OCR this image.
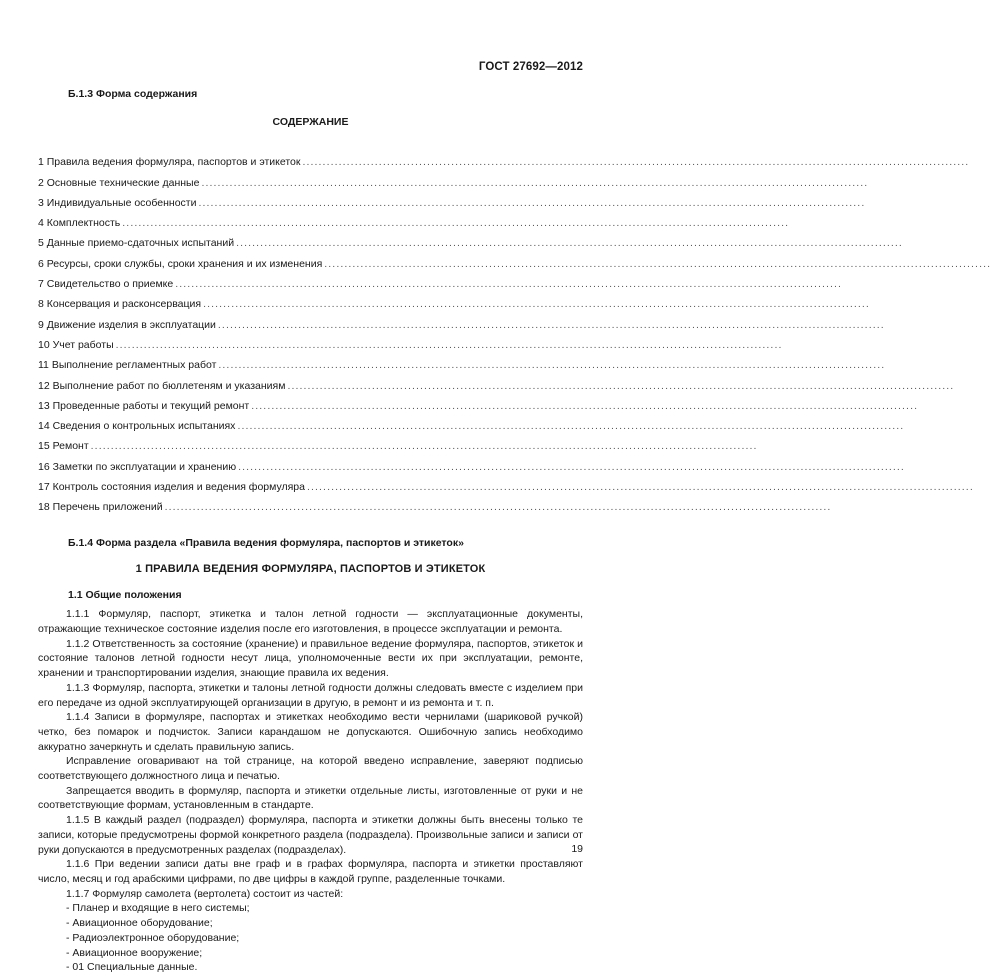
ГОСТ 27692—2012
Б.1.3 Форма содержания
СОДЕРЖАНИЕ
1 Правила ведения формуляра, паспортов и этикеток
.....
2 Основные технические данные
.....
3 Индивидуальные особенности
.....
4 Комплектность
.....
5 Данные приемо-сдаточных испытаний
.....
6 Ресурсы, сроки службы, сроки хранения и их изменения
.....
7 Свидетельство о приемке
.....
8 Консервация и расконсервация
.....
9 Движение изделия в эксплуатации
.....
10 Учет работы
.....
11 Выполнение регламентных работ
.....
12 Выполнение работ по бюллетеням и указаниям
.....
13 Проведенные работы и текущий ремонт
.....
14 Сведения о контрольных испытаниях
.....
15 Ремонт
.....
16 Заметки по эксплуатации и хранению
.....
17 Контроль состояния изделия и ведения формуляра
.....
18 Перечень приложений
.....
Б.1.4 Форма раздела «Правила ведения формуляра, паспортов и этикеток»
1 ПРАВИЛА ВЕДЕНИЯ ФОРМУЛЯРА, ПАСПОРТОВ И ЭТИКЕТОК
1.1 Общие положения

1.1.1 Формуляр, паспорт, этикетка и талон летной годности — эксплуатационные документы, отражающие техническое состояние изделия после его изготовления, в процессе эксплуатации и ремонта.

1.1.2 Ответственность за состояние (хранение) и правильное ведение формуляра, паспортов, этикеток и состояние талонов летной годности несут лица, уполномоченные вести их при эксплуатации, ремонте, хранении и транспортировании изделия, знающие правила их ведения.

1.1.3 Формуляр, паспорта, этикетки и талоны летной годности должны следовать вместе с изделием при его передаче из одной эксплуатирующей организации в другую, в ремонт и из ремонта и т. п.

1.1.4 Записи в формуляре, паспортах и этикетках необходимо вести чернилами (шариковой ручкой) четко, без помарок и подчисток. Записи карандашом не допускаются. Ошибочную запись необходимо аккуратно зачеркнуть и сделать правильную запись.

Исправление оговаривают на той странице, на которой введено исправление, заверяют подписью соответствующего должностного лица и печатью.

Запрещается вводить в формуляр, паспорта и этикетки отдельные листы, изготовленные от руки и не соответствующие формам, установленным в стандарте.

1.1.5 В каждый раздел (подраздел) формуляра, паспорта и этикетки должны быть внесены только те записи, которые предусмотрены формой конкретного раздела (подраздела). Произвольные записи и записи от руки допускаются в предусмотренных разделах (подразделах).

1.1.6 При ведении записи даты вне граф и в графах формуляра, паспорта и этикетки проставляют число, месяц и год арабскими цифрами, по две цифры в каждой группе, разделенные точками.

1.1.7 Формуляр самолета (вертолета) состоит из частей:

- Планер и входящие в него системы;
- Авиационное оборудование;
- Радиоэлектронное оборудование;
- Авиационное вооружение;
- 01 Специальные данные.
19
